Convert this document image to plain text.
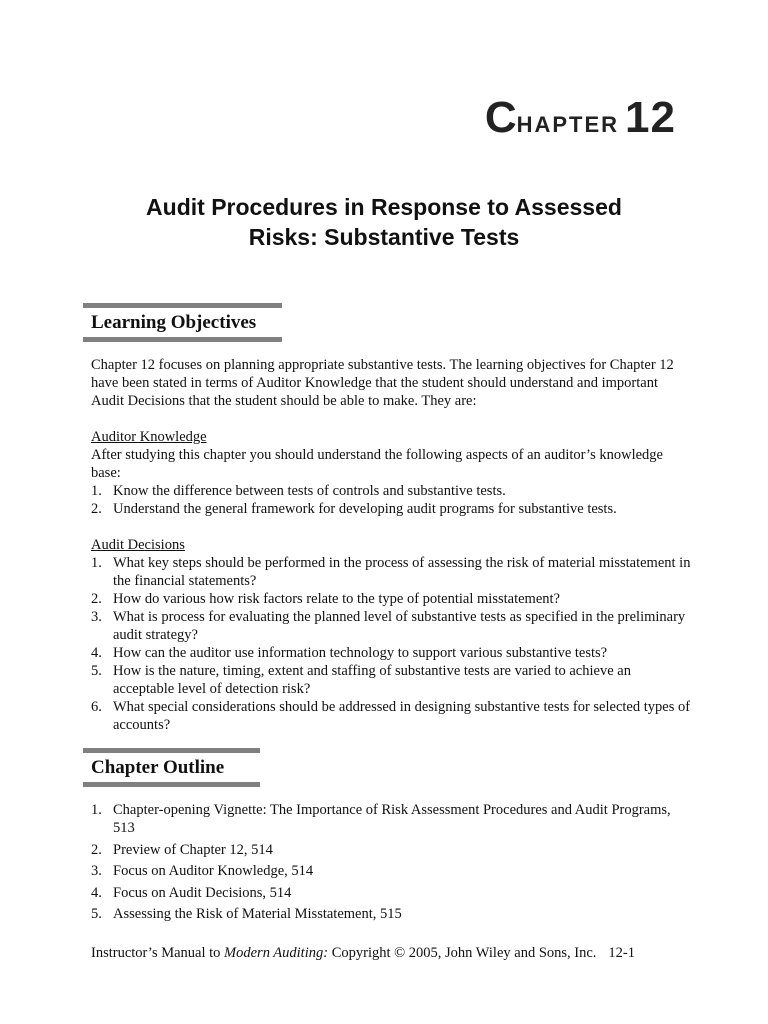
CHAPTER 12
Audit Procedures in Response to Assessed
Risks: Substantive Tests
Learning Objectives
Chapter 12 focuses on planning appropriate substantive tests. The learning objectives for Chapter 12 have been stated in terms of Auditor Knowledge that the student should understand and important Audit Decisions that the student should be able to make. They are:
Auditor Knowledge
After studying this chapter you should understand the following aspects of an auditor’s knowledge base:
1. Know the difference between tests of controls and substantive tests.
2. Understand the general framework for developing audit programs for substantive tests.
Audit Decisions
1. What key steps should be performed in the process of assessing the risk of material misstatement in the financial statements?
2. How do various how risk factors relate to the type of potential misstatement?
3. What is process for evaluating the planned level of substantive tests as specified in the preliminary audit strategy?
4. How can the auditor use information technology to support various substantive tests?
5. How is the nature, timing, extent and staffing of substantive tests are varied to achieve an acceptable level of detection risk?
6. What special considerations should be addressed in designing substantive tests for selected types of accounts?
Chapter Outline
1. Chapter-opening Vignette: The Importance of Risk Assessment Procedures and Audit Programs, 513
2. Preview of Chapter 12, 514
3. Focus on Auditor Knowledge, 514
4. Focus on Audit Decisions, 514
5. Assessing the Risk of Material Misstatement, 515
Instructor’s Manual to Modern Auditing: Copyright © 2005, John Wiley and Sons, Inc. 12-1
